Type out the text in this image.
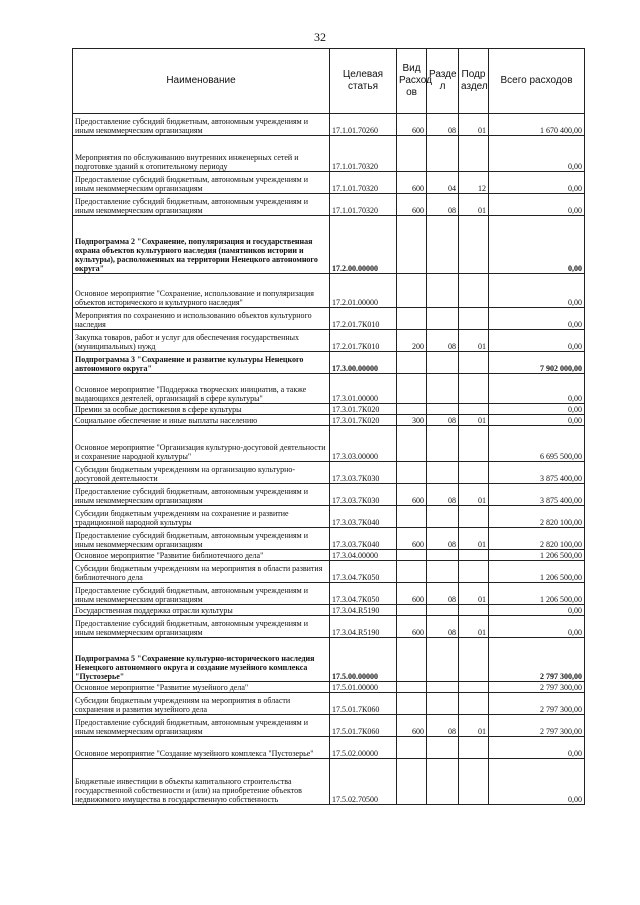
32
Наименование	Целевая статья	Вид Расход ов	Разде л	Подр аздел	Всего расходов
Предоставление субсидий бюджетным, автономным учреждениям и иным некоммерческим организациям	17.1.01.70260	600	08	01	1 670 400,00
Мероприятия по обслуживанию внутренних инженерных сетей и подготовке зданий к отопительному периоду	17.1.01.70320				0,00
Предоставление субсидий бюджетным, автономным учреждениям и иным некоммерческим организациям	17.1.01.70320	600	04	12	0,00
Предоставление субсидий бюджетным, автономным учреждениям и иным некоммерческим организациям	17.1.01.70320	600	08	01	0,00
Подпрограмма 2 "Сохранение, популяризация и государственная охрана объектов культурного наследия (памятников истории и культуры), расположенных на территории Ненецкого автономного округа"	17.2.00.00000				0,00
Основное мероприятие "Сохранение, использование и популяризация объектов исторического и культурного наследия"	17.2.01.00000				0,00
Мероприятия по сохранению и использованию объектов культурного наследия	17.2.01.7К010				0,00
Закупка товаров, работ и услуг для обеспечения государственных (муниципальных) нужд	17.2.01.7К010	200	08	01	0,00
Подпрограмма 3 "Сохранение и развитие культуры Ненецкого автономного округа"	17.3.00.00000				7 902 000,00
Основное мероприятие "Поддержка творческих инициатив, а также выдающихся деятелей, организаций в сфере культуры"	17.3.01.00000				0,00
Премии за особые достижения в сфере культуры	17.3.01.7К020				0,00
Социальное обеспечение и иные выплаты населению	17.3.01.7К020	300	08	01	0,00
Основное мероприятие "Организация культурно-досуговой деятельности и сохранение народной культуры"	17.3.03.00000				6 695 500,00
Субсидии бюджетным учреждениям на организацию культурно-досуговой деятельности	17.3.03.7К030				3 875 400,00
Предоставление субсидий бюджетным, автономным учреждениям и иным некоммерческим организациям	17.3.03.7К030	600	08	01	3 875 400,00
Субсидии бюджетным учреждениям на сохранение и развитие традиционной народной культуры	17.3.03.7К040				2 820 100,00
Предоставление субсидий бюджетным, автономным учреждениям и иным некоммерческим организациям	17.3.03.7К040	600	08	01	2 820 100,00
Основное мероприятие "Развитие библиотечного дела"	17.3.04.00000				1 206 500,00
Субсидии бюджетным учреждениям на мероприятия в области развития библиотечного дела	17.3.04.7К050				1 206 500,00
Предоставление субсидий бюджетным, автономным учреждениям и иным некоммерческим организациям	17.3.04.7К050	600	08	01	1 206 500,00
Государственная поддержка отрасли культуры	17.3.04.R5190				0,00
Предоставление субсидий бюджетным, автономным учреждениям и иным некоммерческим организациям	17.3.04.R5190	600	08	01	0,00
Подпрограмма 5 "Сохранение культурно-исторического наследия Ненецкого автономного округа и создание музейного комплекса "Пустозерье"	17.5.00.00000				2 797 300,00
Основное мероприятие "Развитие музейного дела"	17.5.01.00000				2 797 300,00
Субсидии бюджетным учреждениям на мероприятия в области сохранения и развития музейного дела	17.5.01.7К060				2 797 300,00
Предоставление субсидий бюджетным, автономным учреждениям и иным некоммерческим организациям	17.5.01.7К060	600	08	01	2 797 300,00
Основное мероприятие "Создание музейного комплекса "Пустозерье"	17.5.02.00000				0,00
Бюджетные инвестиции в объекты капитального строительства государственной собственности и (или) на приобретение объектов недвижимого имущества в государственную собственность	17.5.02.70500				0,00
